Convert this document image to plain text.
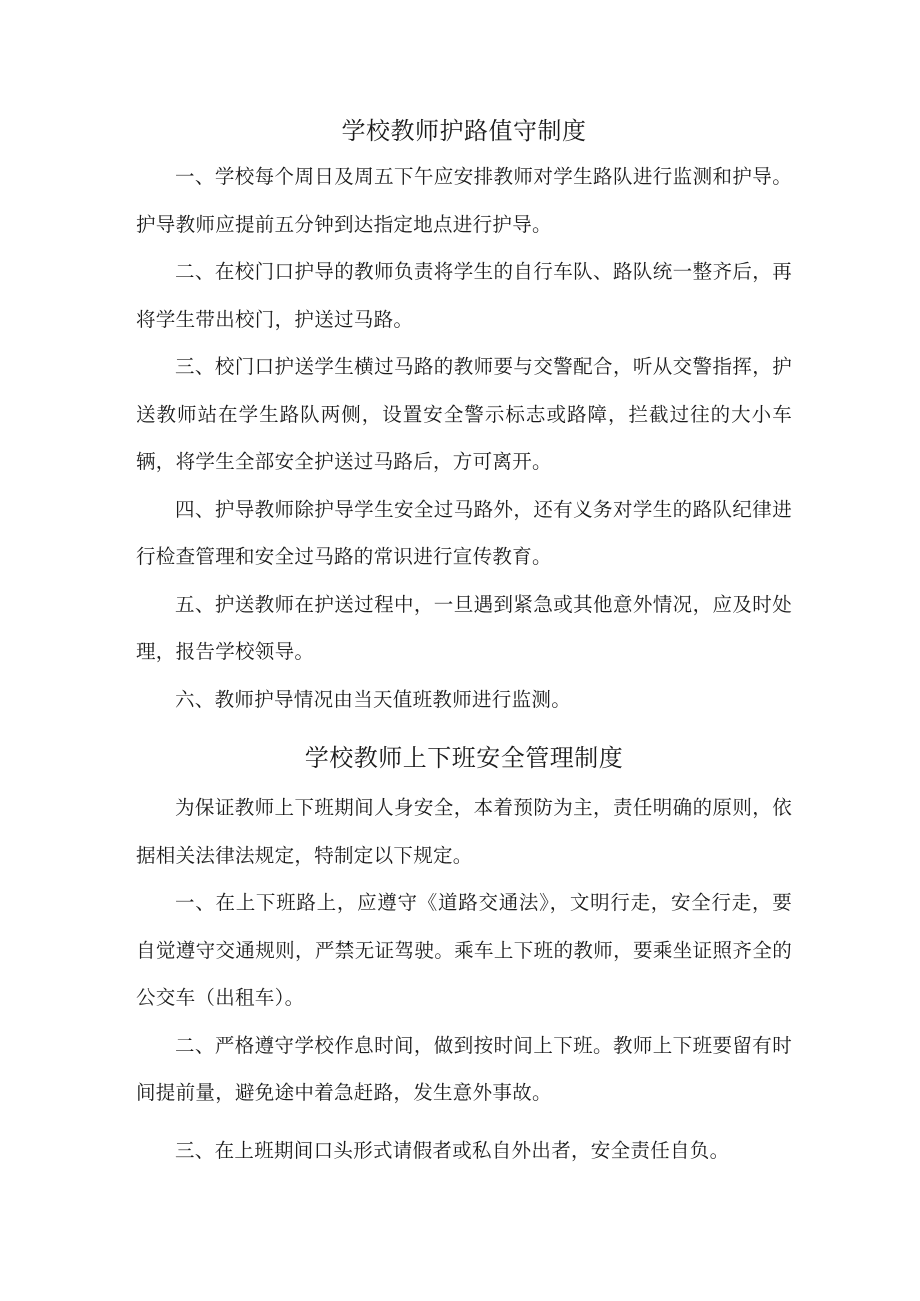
学校教师护路值守制度

一、学校每个周日及周五下午应安排教师对学生路队进行监测和护导。护导教师应提前五分钟到达指定地点进行护导。

二、在校门口护导的教师负责将学生的自行车队、路队统一整齐后，再将学生带出校门，护送过马路。

三、校门口护送学生横过马路的教师要与交警配合，听从交警指挥，护送教师站在学生路队两侧，设置安全警示标志或路障，拦截过往的大小车辆，将学生全部安全护送过马路后，方可离开。

四、护导教师除护导学生安全过马路外，还有义务对学生的路队纪律进行检查管理和安全过马路的常识进行宣传教育。

五、护送教师在护送过程中，一旦遇到紧急或其他意外情况，应及时处理，报告学校领导。

六、教师护导情况由当天值班教师进行监测。

学校教师上下班安全管理制度

为保证教师上下班期间人身安全，本着预防为主，责任明确的原则，依据相关法律法规定，特制定以下规定。

一、在上下班路上，应遵守《道路交通法》，文明行走，安全行走，要自觉遵守交通规则，严禁无证驾驶。乘车上下班的教师，要乘坐证照齐全的公交车（出租车）。

二、严格遵守学校作息时间，做到按时间上下班。教师上下班要留有时间提前量，避免途中着急赶路，发生意外事故。

三、在上班期间口头形式请假者或私自外出者，安全责任自负。
